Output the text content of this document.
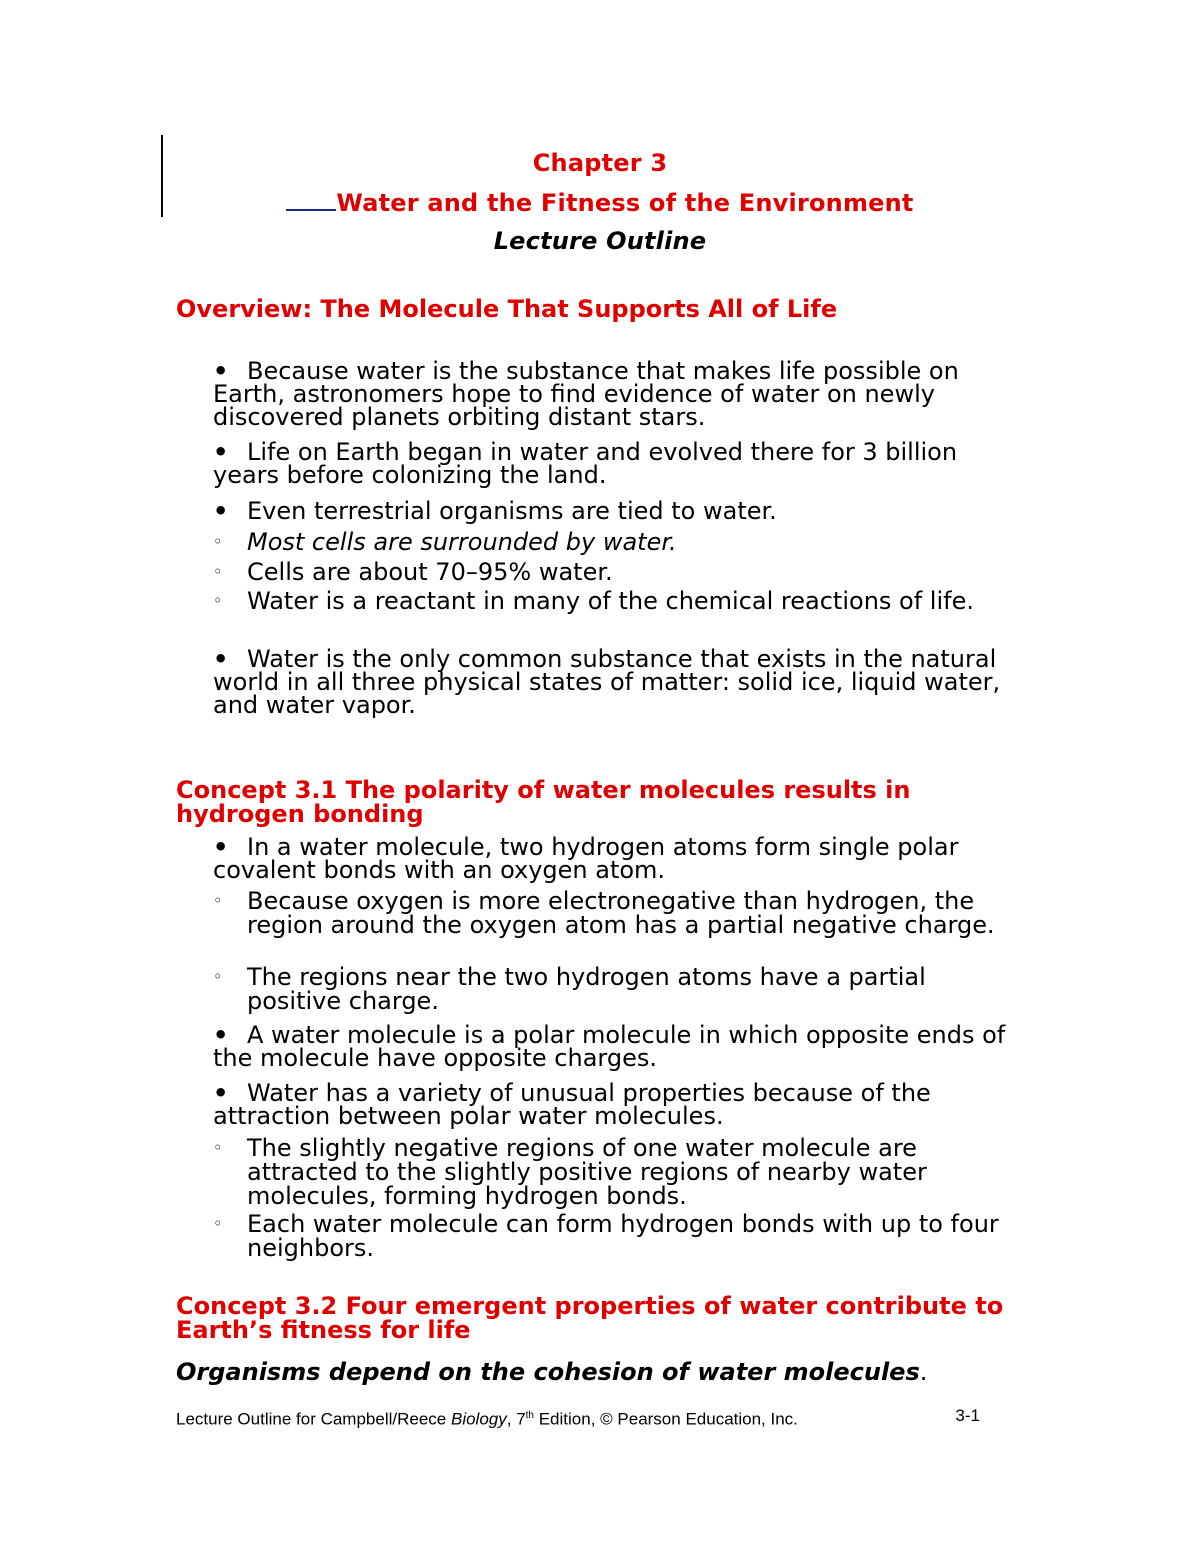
Chapter 3
Water and the Fitness of the Environment
Lecture Outline
Overview: The Molecule That Supports All of Life
• Because water is the substance that makes life possible on Earth, astronomers hope to find evidence of water on newly discovered planets orbiting distant stars.
• Life on Earth began in water and evolved there for 3 billion years before colonizing the land.
• Even terrestrial organisms are tied to water.
◦ Most cells are surrounded by water.
◦ Cells are about 70–95% water.
◦ Water is a reactant in many of the chemical reactions of life.
• Water is the only common substance that exists in the natural world in all three physical states of matter: solid ice, liquid water, and water vapor.
Concept 3.1 The polarity of water molecules results in hydrogen bonding
• In a water molecule, two hydrogen atoms form single polar covalent bonds with an oxygen atom.
◦ Because oxygen is more electronegative than hydrogen, the region around the oxygen atom has a partial negative charge.
◦ The regions near the two hydrogen atoms have a partial positive charge.
• A water molecule is a polar molecule in which opposite ends of the molecule have opposite charges.
• Water has a variety of unusual properties because of the attraction between polar water molecules.
◦ The slightly negative regions of one water molecule are attracted to the slightly positive regions of nearby water molecules, forming hydrogen bonds.
◦ Each water molecule can form hydrogen bonds with up to four neighbors.
Concept 3.2 Four emergent properties of water contribute to Earth’s fitness for life
Organisms depend on the cohesion of water molecules.
Lecture Outline for Campbell/Reece Biology, 7th Edition, © Pearson Education, Inc.	3-1
